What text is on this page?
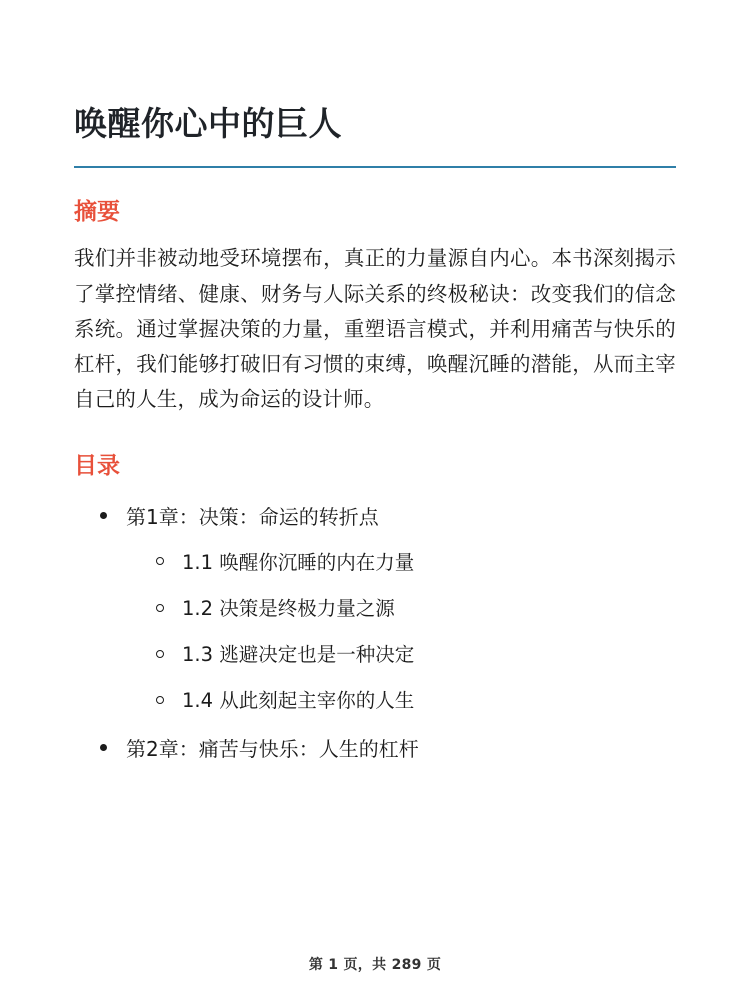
唤醒你心中的巨人
摘要

我们并非被动地受环境摆布，真正的力量源自内心。本书深刻揭示了掌控情绪、健康、财务与人际关系的终极秘诀：改变我们的信念系统。通过掌握决策的力量，重塑语言模式，并利用痛苦与快乐的杠杆，我们能够打破旧有习惯的束缚，唤醒沉睡的潜能，从而主宰自己的人生，成为命运的设计师。

目录
第1章：决策：命运的转折点
1.1 唤醒你沉睡的内在力量
1.2 决策是终极力量之源
1.3 逃避决定也是一种决定
1.4 从此刻起主宰你的人生
第2章：痛苦与快乐：人生的杠杆
第 1 页，共 289 页
